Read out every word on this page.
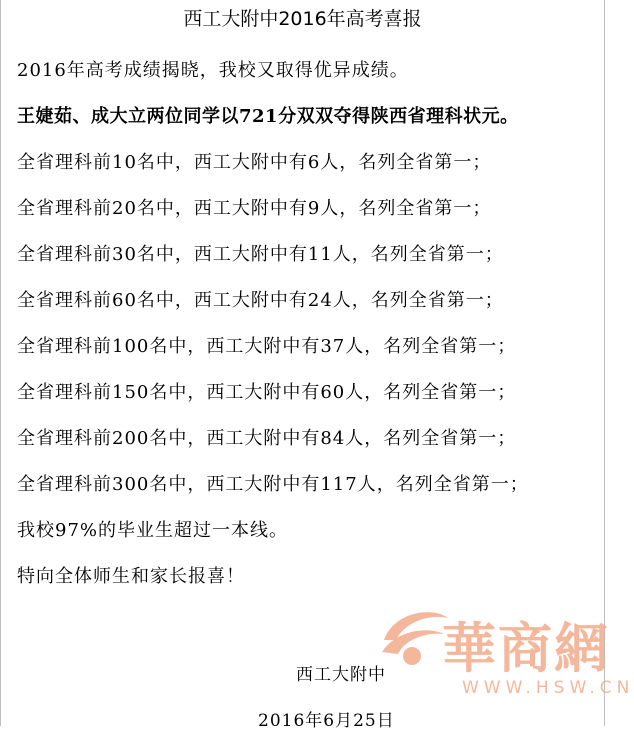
西工大附中2016年高考喜报
2016年高考成绩揭晓，我校又取得优异成绩。
王婕茹、成大立两位同学以721分双双夺得陕西省理科状元。
全省理科前10名中，西工大附中有6人，名列全省第一；
全省理科前20名中，西工大附中有9人，名列全省第一；
全省理科前30名中，西工大附中有11人，名列全省第一；
全省理科前60名中，西工大附中有24人，名列全省第一；
全省理科前100名中，西工大附中有37人，名列全省第一；
全省理科前150名中，西工大附中有60人，名列全省第一；
全省理科前200名中，西工大附中有84人，名列全省第一；
全省理科前300名中，西工大附中有117人，名列全省第一；
我校97%的毕业生超过一本线。
特向全体师生和家长报喜！
華商網
WWW.HSW.CN
西工大附中
2016年6月25日
